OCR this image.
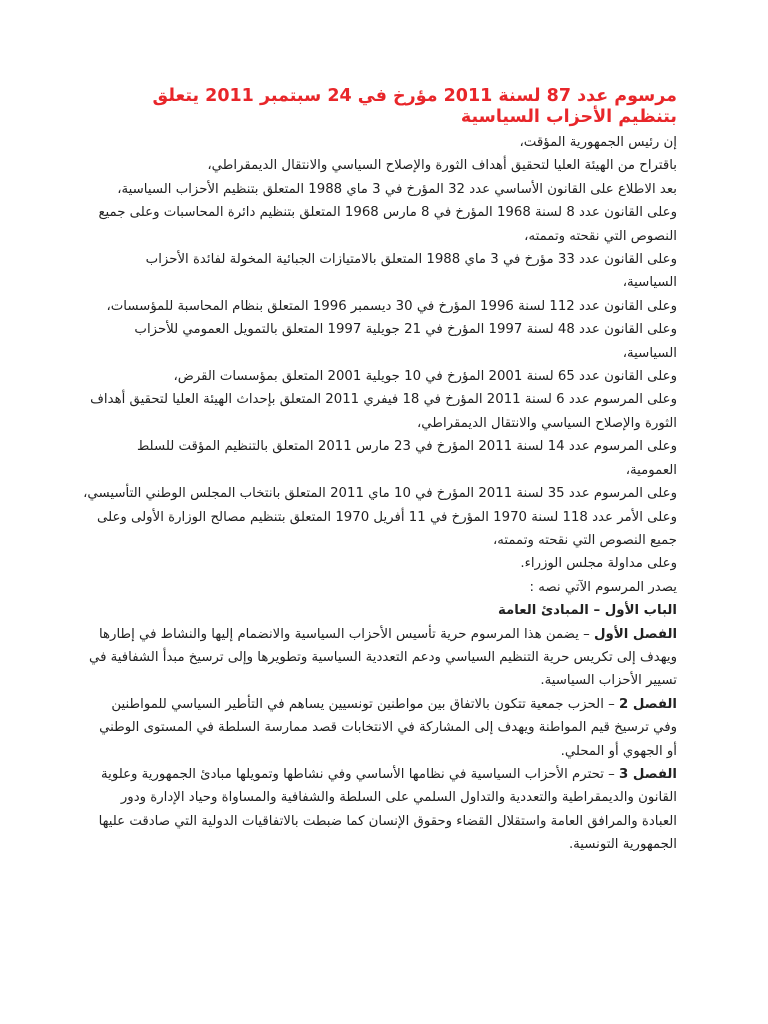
مرسوم عدد 87 لسنة 2011 مؤرخ في 24 سبتمبر 2011 يتعلق بتنظيم الأحزاب السياسية

إن رئيس الجمهورية المؤقت،

باقتراح من الهيئة العليا لتحقيق أهداف الثورة والإصلاح السياسي والانتقال الديمقراطي،

بعد الاطلاع على القانون الأساسي عدد 32 المؤرخ في 3 ماي 1988 المتعلق بتنظيم الأحزاب السياسية،

وعلى القانون عدد 8 لسنة 1968 المؤرخ في 8 مارس 1968 المتعلق بتنظيم دائرة المحاسبات وعلى جميع النصوص التي نقحته وتممته،

وعلى القانون عدد 33 مؤرخ في 3 ماي 1988 المتعلق بالامتيازات الجبائية المخولة لفائدة الأحزاب السياسية،

وعلى القانون عدد 112 لسنة 1996 المؤرخ في 30 ديسمبر 1996 المتعلق بنظام المحاسبة للمؤسسات،

وعلى القانون عدد 48 لسنة 1997 المؤرخ في 21 جويلية 1997 المتعلق بالتمويل العمومي للأحزاب السياسية،

وعلى القانون عدد 65 لسنة 2001 المؤرخ في 10 جويلية 2001 المتعلق بمؤسسات القرض،

وعلى المرسوم عدد 6 لسنة 2011 المؤرخ في 18 فيفري 2011 المتعلق بإحداث الهيئة العليا لتحقيق أهداف الثورة والإصلاح السياسي والانتقال الديمقراطي،

وعلى المرسوم عدد 14 لسنة 2011 المؤرخ في 23 مارس 2011 المتعلق بالتنظيم المؤقت للسلط العمومية،

وعلى المرسوم عدد 35 لسنة 2011 المؤرخ في 10 ماي 2011 المتعلق بانتخاب المجلس الوطني التأسيسي،

وعلى الأمر عدد 118 لسنة 1970 المؤرخ في 11 أفريل 1970 المتعلق بتنظيم مصالح الوزارة الأولى وعلى جميع النصوص التي نقحته وتممته،

وعلى مداولة مجلس الوزراء.

يصدر المرسوم الآتي نصه :

الباب الأول – المبادئ العامة

الفصل الأول – يضمن هذا المرسوم حرية تأسيس الأحزاب السياسية والانضمام إليها والنشاط في إطارها ويهدف إلى تكريس حرية التنظيم السياسي ودعم التعددية السياسية وتطويرها وإلى ترسيخ مبدأ الشفافية في تسيير الأحزاب السياسية.

الفصل 2 – الحزب جمعية تتكون بالاتفاق بين مواطنين تونسيين يساهم في التأطير السياسي للمواطنين وفي ترسيخ قيم المواطنة ويهدف إلى المشاركة في الانتخابات قصد ممارسة السلطة في المستوى الوطني أو الجهوي أو المحلي.

الفصل 3 – تحترم الأحزاب السياسية في نظامها الأساسي وفي نشاطها وتمويلها مبادئ الجمهورية وعلوية القانون والديمقراطية والتعددية والتداول السلمي على السلطة والشفافية والمساواة وحياد الإدارة ودور العبادة والمرافق العامة واستقلال القضاء وحقوق الإنسان كما ضبطت بالاتفاقيات الدولية التي صادقت عليها الجمهورية التونسية.
